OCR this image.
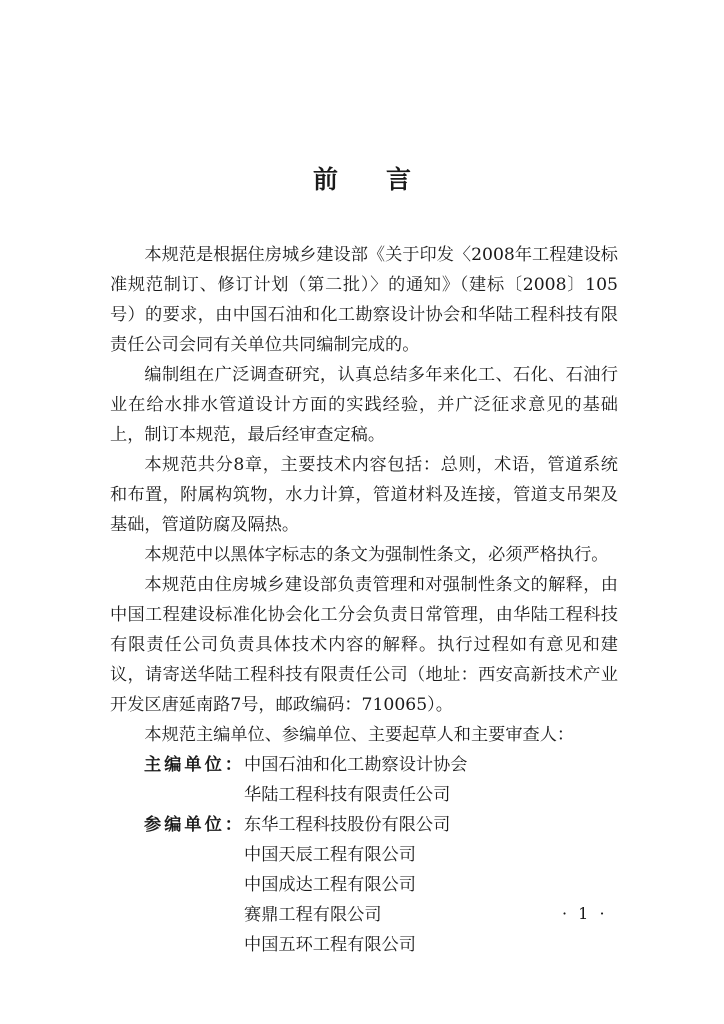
前言

本规范是根据住房城乡建设部《关于印发〈2008年工程建设标准规范制订、修订计划（第二批）〉的通知》（建标〔2008〕105号）的要求，由中国石油和化工勘察设计协会和华陆工程科技有限责任公司会同有关单位共同编制完成的。

编制组在广泛调查研究，认真总结多年来化工、石化、石油行业在给水排水管道设计方面的实践经验，并广泛征求意见的基础上，制订本规范，最后经审查定稿。

本规范共分8章，主要技术内容包括：总则，术语，管道系统和布置，附属构筑物，水力计算，管道材料及连接，管道支吊架及基础，管道防腐及隔热。

本规范中以黑体字标志的条文为强制性条文，必须严格执行。

本规范由住房城乡建设部负责管理和对强制性条文的解释，由中国工程建设标准化协会化工分会负责日常管理，由华陆工程科技有限责任公司负责具体技术内容的解释。执行过程如有意见和建议，请寄送华陆工程科技有限责任公司（地址：西安高新技术产业开发区唐延南路7号，邮政编码：710065）。

本规范主编单位、参编单位、主要起草人和主要审查人：

主编单位： 中国石油和化工勘察设计协会
华陆工程科技有限责任公司
参编单位： 东华工程科技股份有限公司
中国天辰工程有限公司
中国成达工程有限公司
赛鼎工程有限公司
中国五环工程有限公司
· 1 ·
